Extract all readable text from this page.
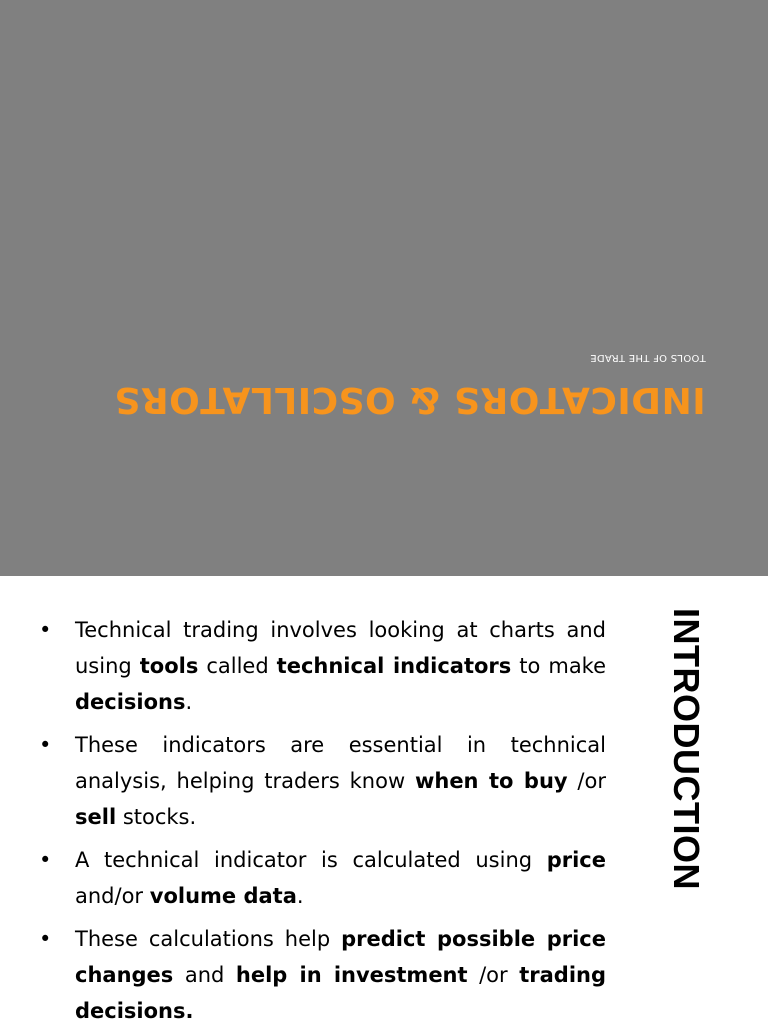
INDICATORS & OSCILLATORS

TOOLS OF THE TRADE

• Technical trading involves looking at charts and using tools called technical indicators to make decisions.
• These indicators are essential in technical analysis, helping traders know when to buy /or sell stocks.
• A technical indicator is calculated using price and/or volume data.
• These calculations help predict possible price changes and help in investment /or trading decisions.
INTRODUCTION
